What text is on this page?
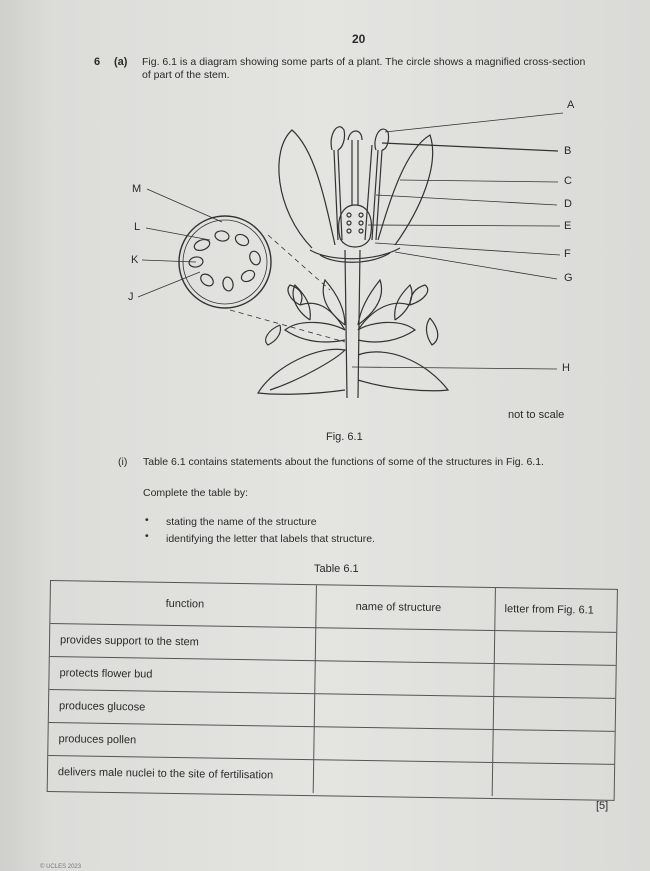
20
6 (a) Fig. 6.1 is a diagram showing some parts of a plant. The circle shows a magnified cross-section
of part of the stem.
A
B
C
D
E
F
G
H
M
L
K
J
not to scale
Fig. 6.1
(i) Table 6.1 contains statements about the functions of some of the structures in Fig. 6.1.
Complete the table by:
• stating the name of the structure
• identifying the letter that labels that structure.
Table 6.1
function	name of structure	letter from Fig. 6.1
provides support to the stem
protects flower bud
produces glucose
produces pollen
delivers male nuclei to the site of fertilisation
[5]
© UCLES 2023
